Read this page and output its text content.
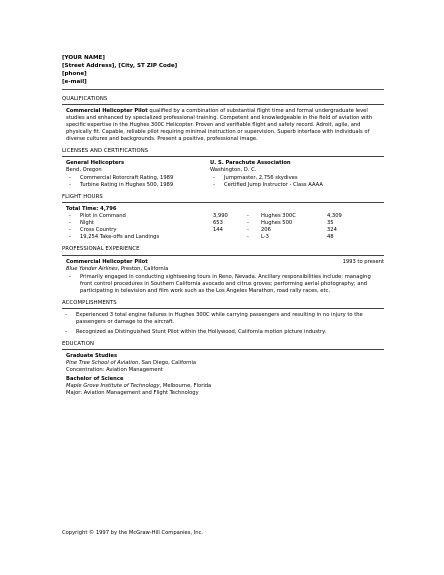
[YOUR NAME]
[Street Address], [City, ST ZIP Code]
[phone]
[e-mail]
QUALIFICATIONS
Commercial Helicopter Pilot qualified by a combination of substantial flight time and formal undergraduate level studies and enhanced by specialized professional training. Competent and knowledgeable in the field of aviation with specific expertise in the Hughes 300C Helicopter. Proven and verifiable flight and safety record. Adroit, agile, and physically fit. Capable, reliable pilot requiring minimal instruction or supervision. Superb interface with individuals of diverse cultures and backgrounds. Present a positive, professional image.
LICENSES AND CERTIFICATIONS
General Helicopters
Bend, Oregon
- Commercial Rotorcraft Rating, 1989
- Turbine Rating in Hughes 500, 1989
U. S. Parachute Association
Washington, D. C.
- Jumpmaster, 2,756 skydives
- Certified Jump Instructor - Class AAAA
FLIGHT HOURS
Total Time: 4,796
- Pilot in Command	3,990	- Hughes 300C	4,309
- Night	653	- Hughes 500	35
- Cross Country	144	- 206	324
- 19,254 Take-offs and Landings	- L-3	48
PROFESSIONAL EXPERIENCE
Commercial Helicopter Pilot	1993 to present
Blue Yonder Airlines, Preston, California
- Primarily engaged in conducting sightseeing tours in Reno, Nevada. Ancillary responsibilities include: managing front control procedures in Southern California avocado and citrus groves; performing aerial photography; and participating in television and film work such as the Los Angeles Marathon, road rally races, etc.
ACCOMPLISHMENTS
- Experienced 3 total engine failures in Hughes 300C while carrying passengers and resulting in no injury to the passengers or damage to the aircraft.
- Recognized as Distinguished Stunt Pilot within the Hollywood, California motion picture industry.
EDUCATION
Graduate Studies
Pine Tree School of Aviation, San Diego, California
Concentration: Aviation Management
Bachelor of Science
Maple Grove Institute of Technology, Melbourne, Florida
Major: Aviation Management and Flight Technology
Copyright © 1997 by the McGraw-Hill Companies, Inc.
